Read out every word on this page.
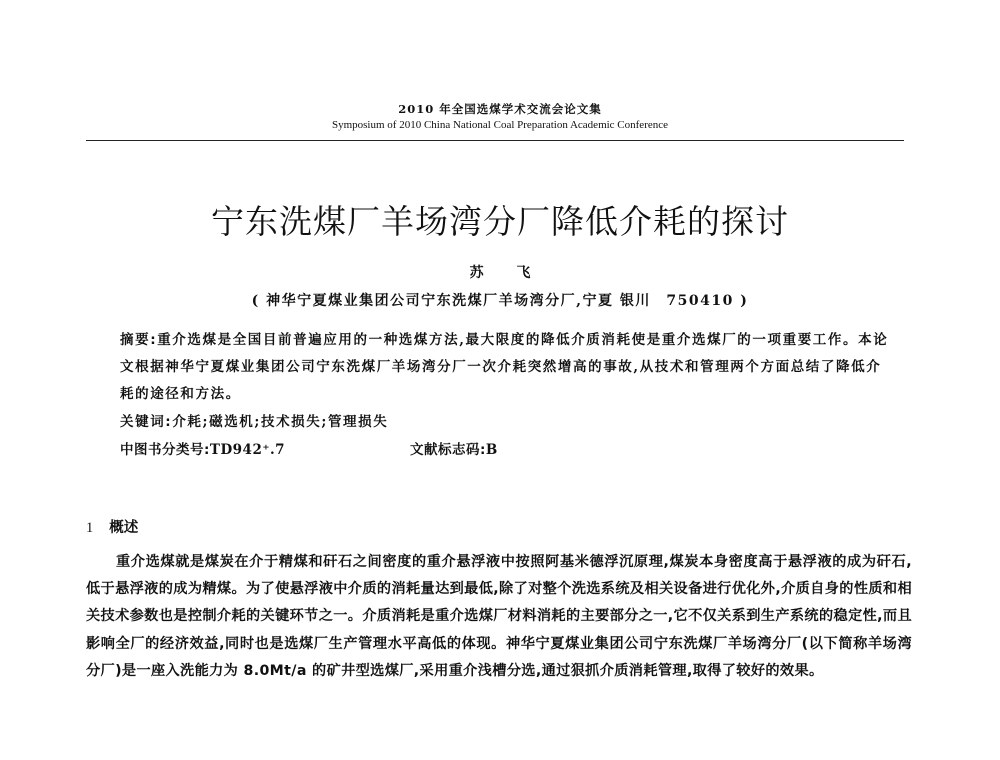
2010 年全国选煤学术交流会论文集
Symposium of 2010 China National Coal Preparation Academic Conference
宁东洗煤厂羊场湾分厂降低介耗的探讨
苏 飞
( 神华宁夏煤业集团公司宁东洗煤厂羊场湾分厂,宁夏 银川　750410 )
摘要:重介选煤是全国目前普遍应用的一种选煤方法,最大限度的降低介质消耗使是重介选煤厂的一项重要工作。本论文根据神华宁夏煤业集团公司宁东洗煤厂羊场湾分厂一次介耗突然增高的事故,从技术和管理两个方面总结了降低介耗的途径和方法。
关键词:介耗;磁选机;技术损失;管理损失
中图书分类号:TD942⁺.7	文献标志码:B
1 概述
重介选煤就是煤炭在介于精煤和矸石之间密度的重介悬浮液中按照阿基米德浮沉原理,煤炭本身密度高于悬浮液的成为矸石,低于悬浮液的成为精煤。为了使悬浮液中介质的消耗量达到最低,除了对整个洗选系统及相关设备进行优化外,介质自身的性质和相关技术参数也是控制介耗的关键环节之一。介质消耗是重介选煤厂材料消耗的主要部分之一,它不仅关系到生产系统的稳定性,而且影响全厂的经济效益,同时也是选煤厂生产管理水平高低的体现。神华宁夏煤业集团公司宁东洗煤厂羊场湾分厂(以下简称羊场湾分厂)是一座入洗能力为 8.0Mt/a 的矿井型选煤厂,采用重介浅槽分选,通过狠抓介质消耗管理,取得了较好的效果。
